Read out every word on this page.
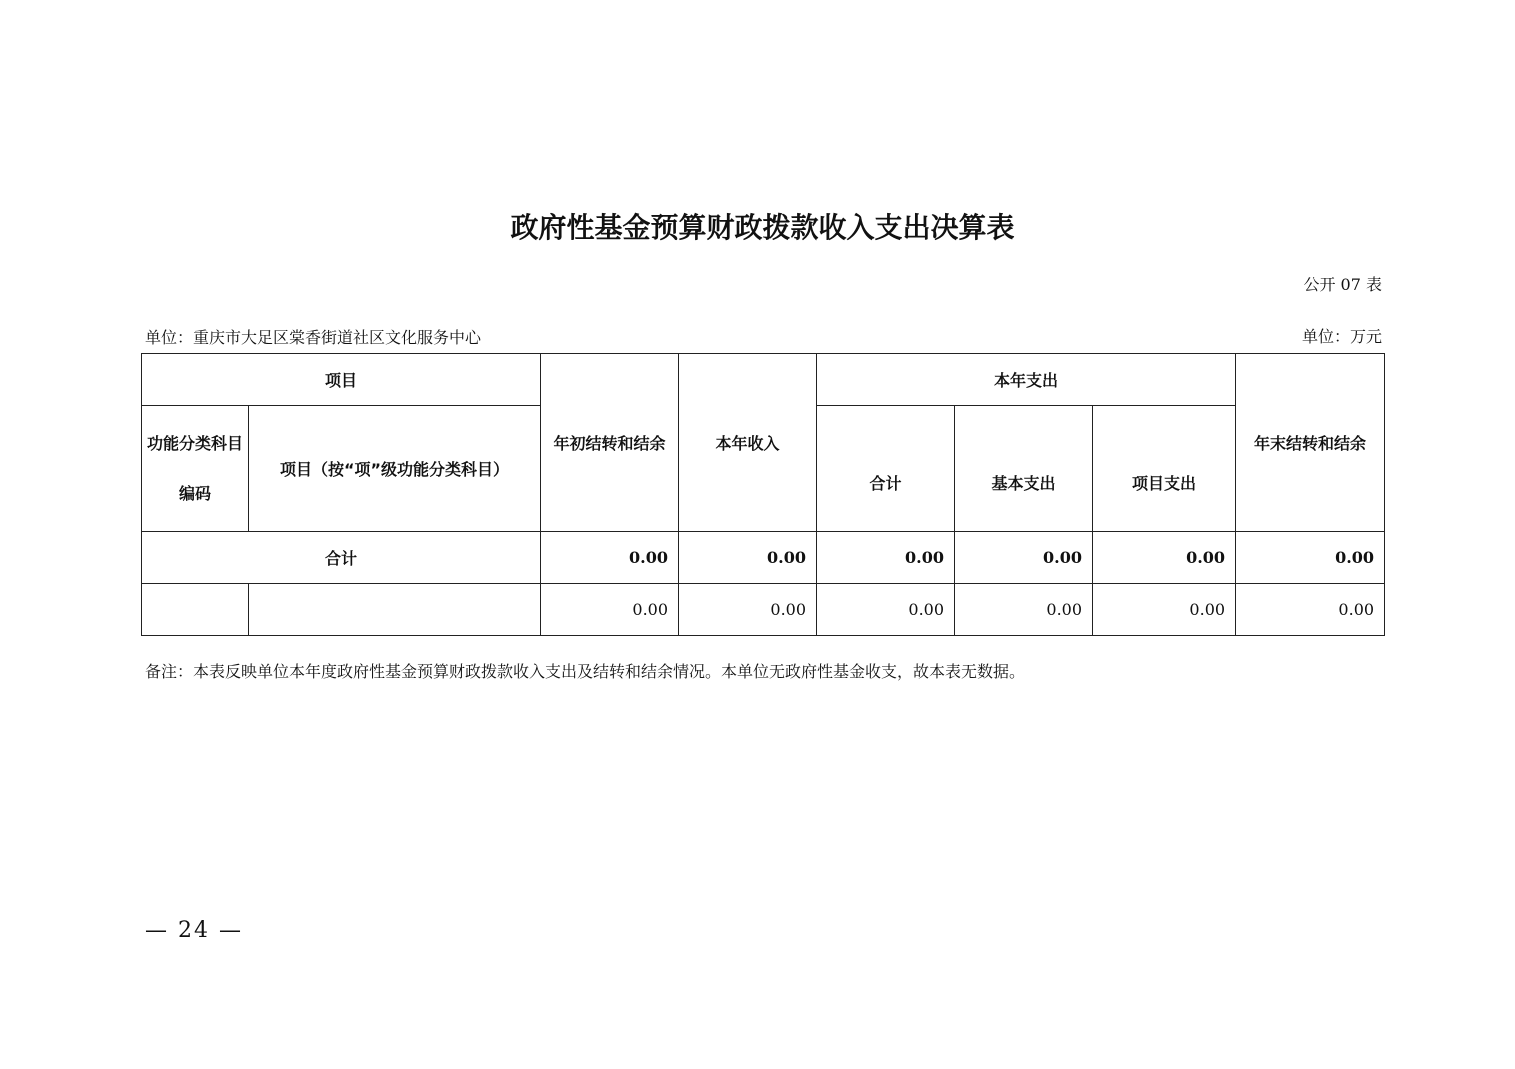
政府性基金预算财政拨款收入支出决算表
公开 07 表
单位：重庆市大足区棠香街道社区文化服务中心	单位：万元
项目		年初结转和结余	本年收入	本年支出			年末结转和结余
功能分类科目编码	项目（按“项”级功能分类科目）			合计	基本支出	项目支出	
合计		0.00	0.00	0.00	0.00	0.00	0.00
		0.00	0.00	0.00	0.00	0.00	0.00
备注：本表反映单位本年度政府性基金预算财政拨款收入支出及结转和结余情况。本单位无政府性基金收支，故本表无数据。
— 24 —
